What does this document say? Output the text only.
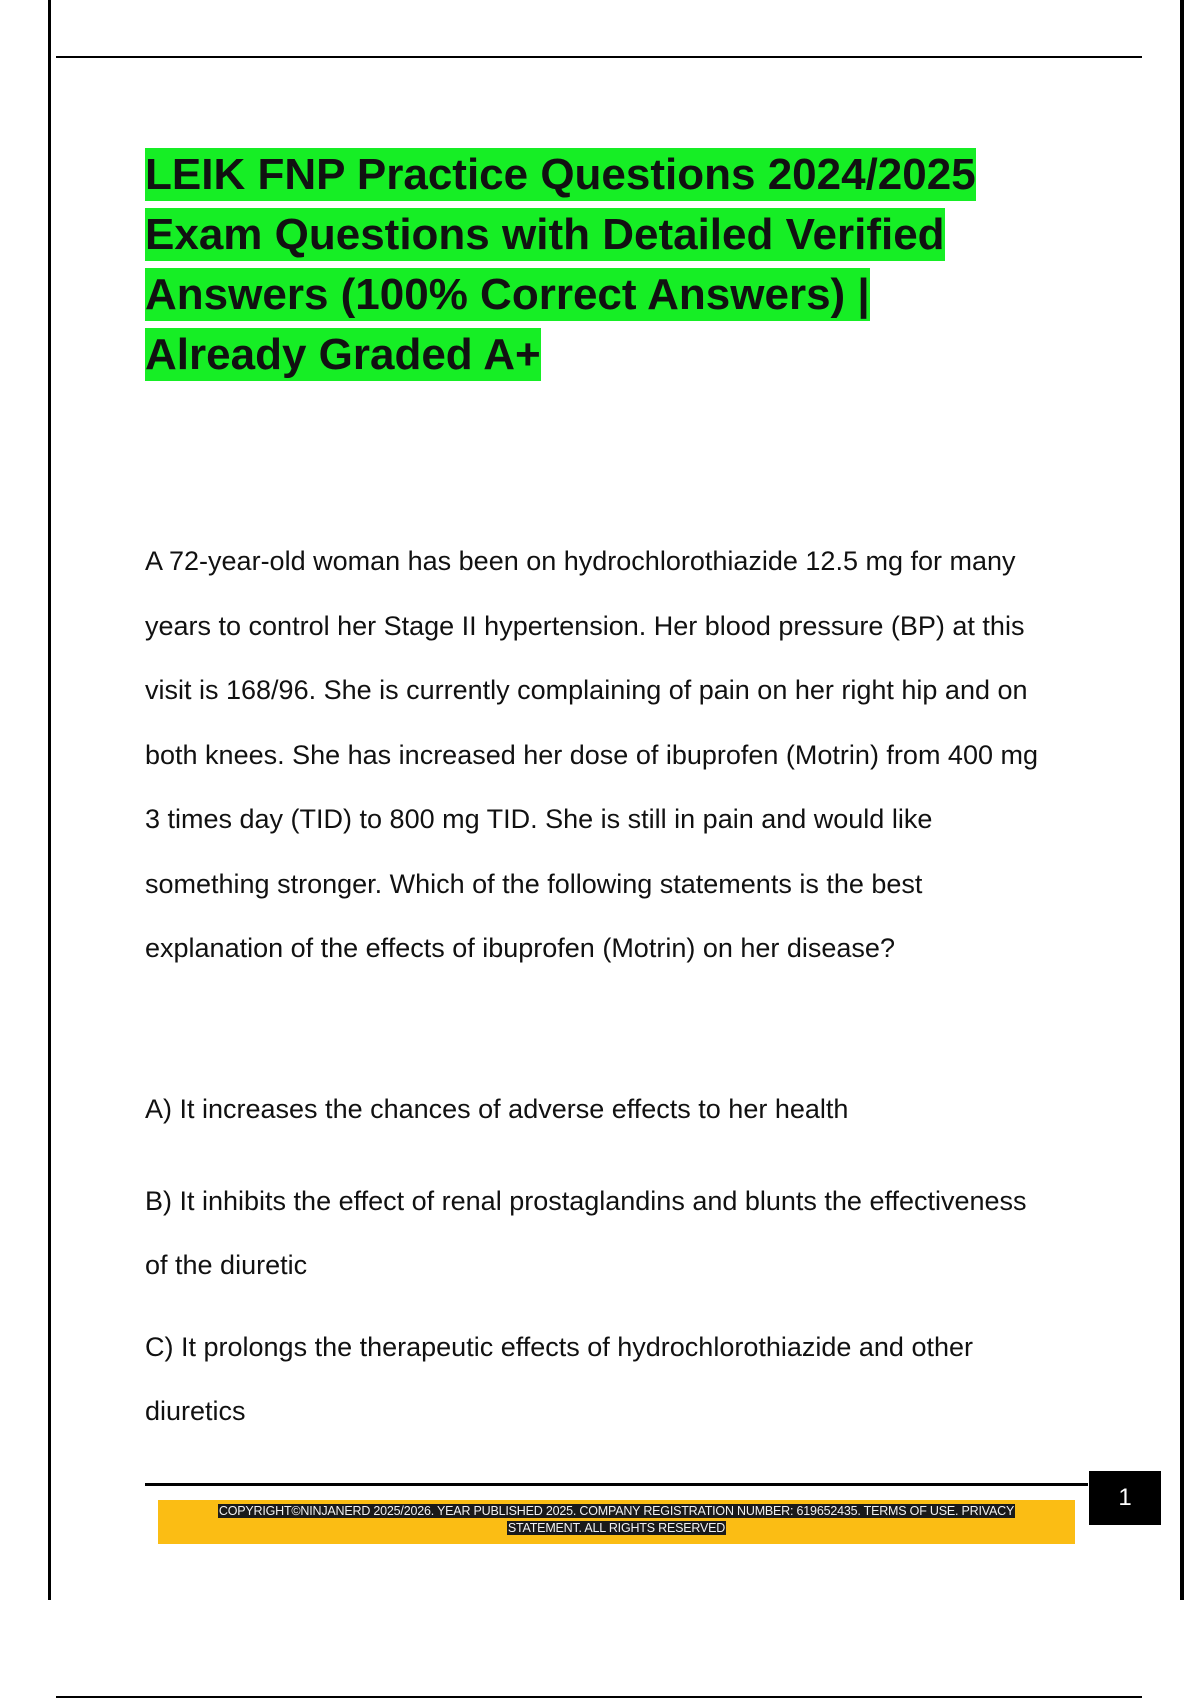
LEIK FNP Practice Questions 2024/2025
Exam Questions with Detailed Verified
Answers (100% Correct Answers) |
Already Graded A+
A 72-year-old woman has been on hydrochlorothiazide 12.5 mg for many
years to control her Stage II hypertension. Her blood pressure (BP) at this
visit is 168/96. She is currently complaining of pain on her right hip and on
both knees. She has increased her dose of ibuprofen (Motrin) from 400 mg
3 times day (TID) to 800 mg TID. She is still in pain and would like
something stronger. Which of the following statements is the best
explanation of the effects of ibuprofen (Motrin) on her disease?
A) It increases the chances of adverse effects to her health
B) It inhibits the effect of renal prostaglandins and blunts the effectiveness
of the diuretic
C) It prolongs the therapeutic effects of hydrochlorothiazide and other
diuretics
1
COPYRIGHT©NINJANERD 2025/2026. YEAR PUBLISHED 2025. COMPANY REGISTRATION NUMBER: 619652435. TERMS OF USE. PRIVACY
STATEMENT. ALL RIGHTS RESERVED
